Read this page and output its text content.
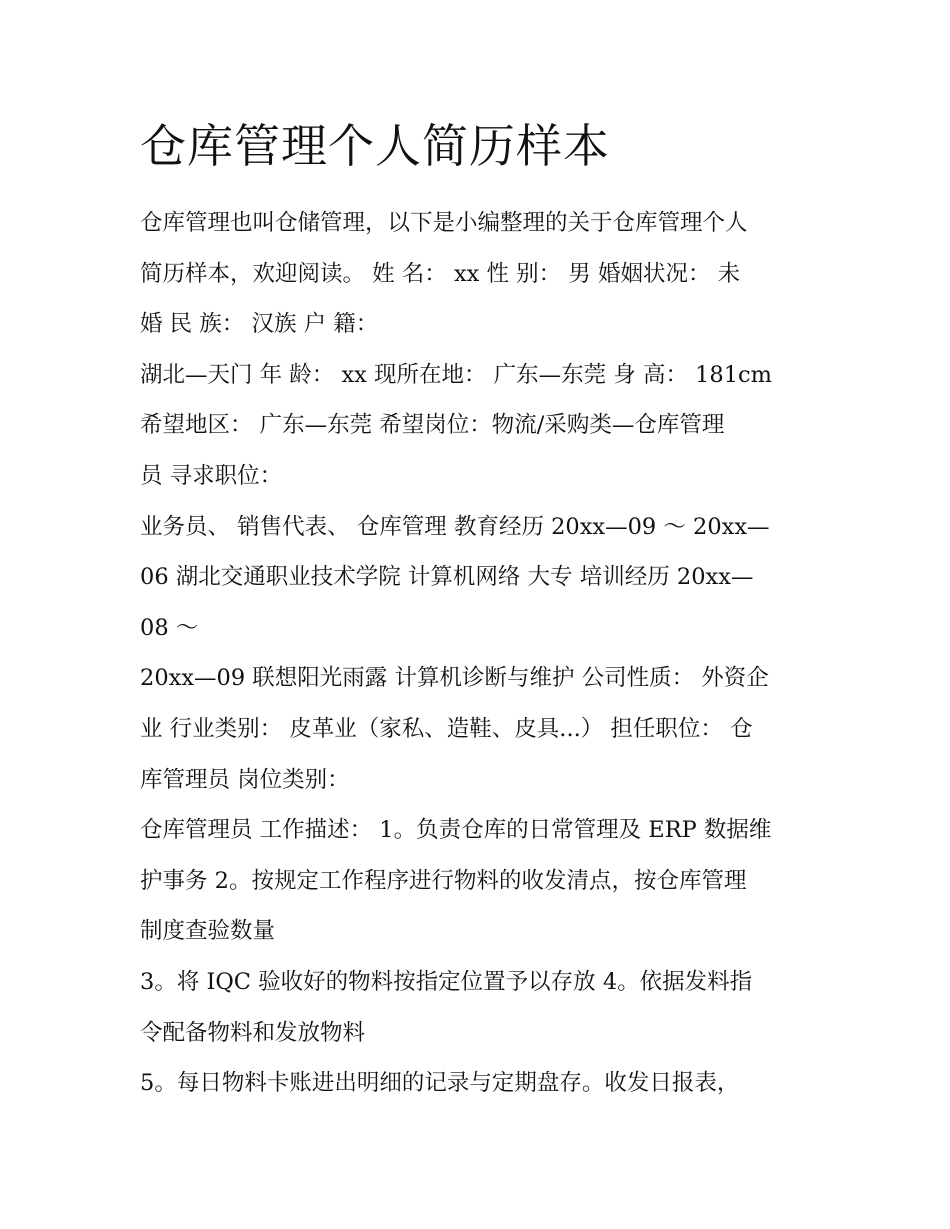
仓库管理个人简历样本
仓库管理也叫仓储管理，以下是小编整理的关于仓库管理个人
简历样本，欢迎阅读。 姓 名： xx 性 别： 男 婚姻状况： 未
婚 民 族： 汉族 户 籍：
湖北—天门 年 龄： xx 现所在地： 广东—东莞 身 高： 181cm
希望地区： 广东—东莞 希望岗位：物流/采购类—仓库管理
员 寻求职位：
业务员、 销售代表、 仓库管理 教育经历 20xx—09 ～ 20xx—
06 湖北交通职业技术学院 计算机网络 大专 培训经历 20xx—
08 ～
20xx—09 联想阳光雨露 计算机诊断与维护 公司性质： 外资企
业 行业类别： 皮革业（家私、造鞋、皮具...） 担任职位： 仓
库管理员 岗位类别：
仓库管理员 工作描述： 1。负责仓库的日常管理及 ERP 数据维
护事务 2。按规定工作程序进行物料的收发清点，按仓库管理
制度查验数量
3。将 IQC 验收好的物料按指定位置予以存放 4。依据发料指
令配备物料和发放物料
5。每日物料卡账进出明细的记录与定期盘存。收发日报表，
